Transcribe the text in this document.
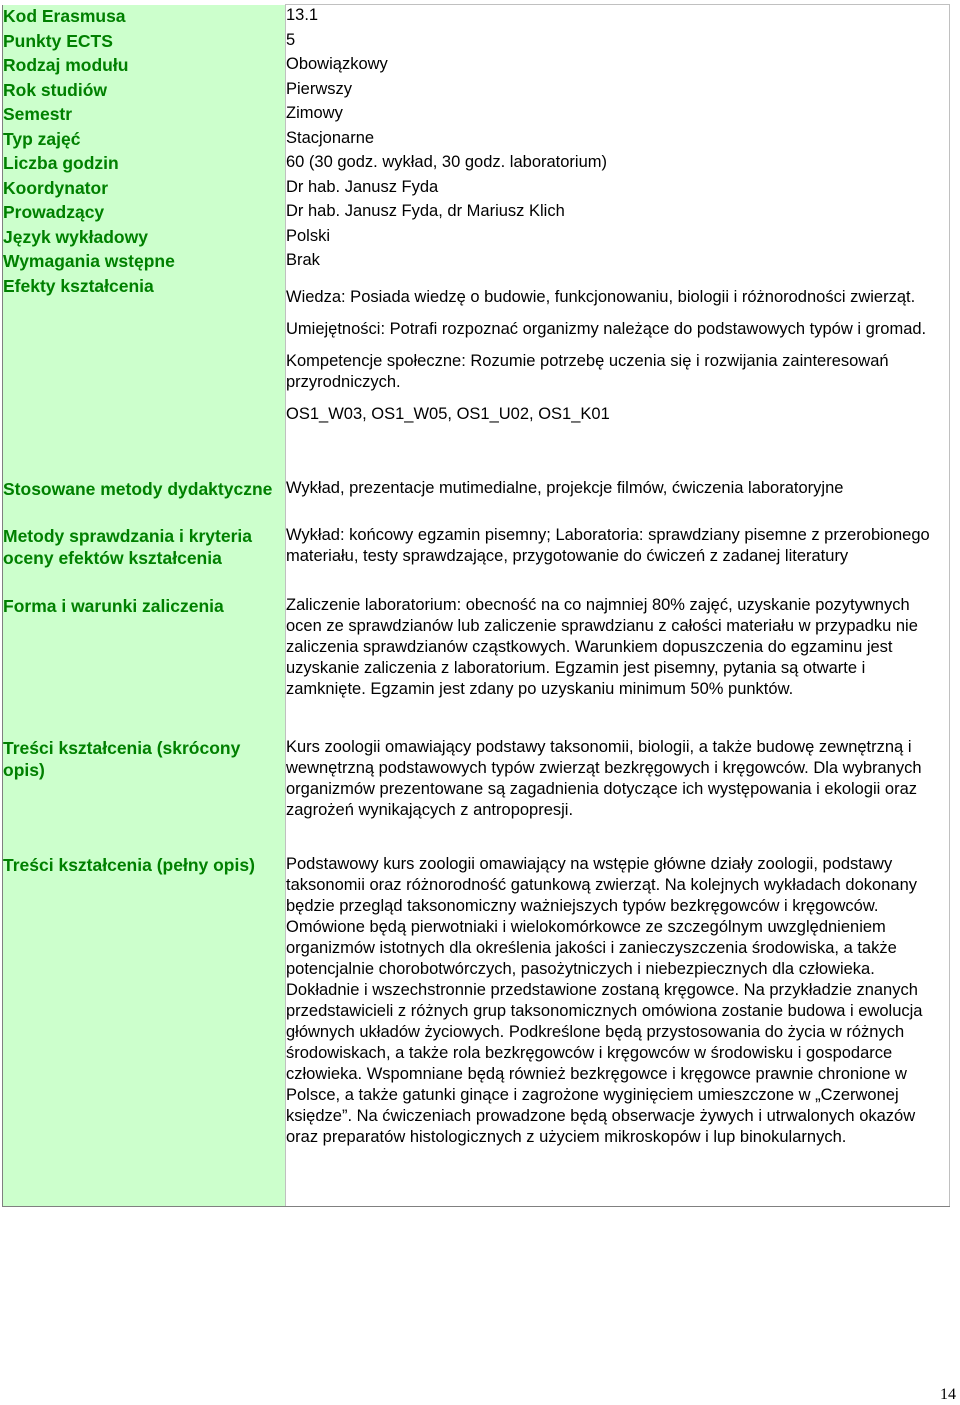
Kod Erasmusa	13.1
Punkty ECTS	5
Rodzaj modułu	Obowiązkowy
Rok studiów	Pierwszy
Semestr	Zimowy
Typ zajęć	Stacjonarne
Liczba godzin	60 (30 godz. wykład, 30 godz. laboratorium)
Koordynator	Dr hab. Janusz Fyda
Prowadzący	Dr hab. Janusz Fyda, dr Mariusz Klich
Język wykładowy	Polski
Wymagania wstępne	Brak
Efekty kształcenia	Wiedza: Posiada wiedzę o budowie, funkcjonowaniu, biologii i różnorodności zwierząt.

Umiejętności: Potrafi rozpoznać organizmy należące do podstawowych typów i gromad.

Kompetencje społeczne: Rozumie potrzebę uczenia się i rozwijania zainteresowań przyrodniczych.

OS1_W03, OS1_W05, OS1_U02, OS1_K01

Stosowane metody dydaktyczne	Wykład, prezentacje mutimedialne, projekcje filmów, ćwiczenia laboratoryjne
Metody sprawdzania i kryteria oceny efektów kształcenia	Wykład: końcowy egzamin pisemny; Laboratoria: sprawdziany pisemne z przerobionego materiału, testy sprawdzające, przygotowanie do ćwiczeń z zadanej literatury
Forma i warunki zaliczenia	Zaliczenie laboratorium: obecność na co najmniej 80% zajęć, uzyskanie pozytywnych ocen ze sprawdzianów lub zaliczenie sprawdzianu z całości materiału w przypadku nie zaliczenia sprawdzianów cząstkowych. Warunkiem dopuszczenia do egzaminu jest uzyskanie zaliczenia z laboratorium. Egzamin jest pisemny, pytania są otwarte i zamknięte. Egzamin jest zdany po uzyskaniu minimum 50% punktów.
Treści kształcenia (skrócony opis)	Kurs zoologii omawiający podstawy taksonomii, biologii, a także budowę zewnętrzną i wewnętrzną podstawowych typów zwierząt bezkręgowych i kręgowców. Dla wybranych organizmów prezentowane są zagadnienia dotyczące ich występowania i ekologii oraz zagrożeń wynikających z antropopresji.
Treści kształcenia (pełny opis)	Podstawowy kurs zoologii omawiający na wstępie główne działy zoologii, podstawy taksonomii oraz różnorodność gatunkową zwierząt. Na kolejnych wykładach dokonany będzie przegląd taksonomiczny ważniejszych typów bezkręgowców i kręgowców. Omówione będą pierwotniaki i wielokomórkowce ze szczególnym uwzględnieniem organizmów istotnych dla określenia jakości i zanieczyszczenia środowiska, a także potencjalnie chorobotwórczych, pasożytniczych i niebezpiecznych dla człowieka. Dokładnie i wszechstronnie przedstawione zostaną kręgowce. Na przykładzie znanych przedstawicieli z różnych grup taksonomicznych omówiona zostanie budowa i ewolucja głównych układów życiowych. Podkreślone będą przystosowania do życia w różnych środowiskach, a także rola bezkręgowców i kręgowców w środowisku i gospodarce człowieka. Wspomniane będą również bezkręgowce i kręgowce prawnie chronione w Polsce, a także gatunki ginące i zagrożone wyginięciem umieszczone w „Czerwonej księdze”. Na ćwiczeniach prowadzone będą obserwacje żywych i utrwalonych okazów oraz preparatów histologicznych z użyciem mikroskopów i lup binokularnych.
14
